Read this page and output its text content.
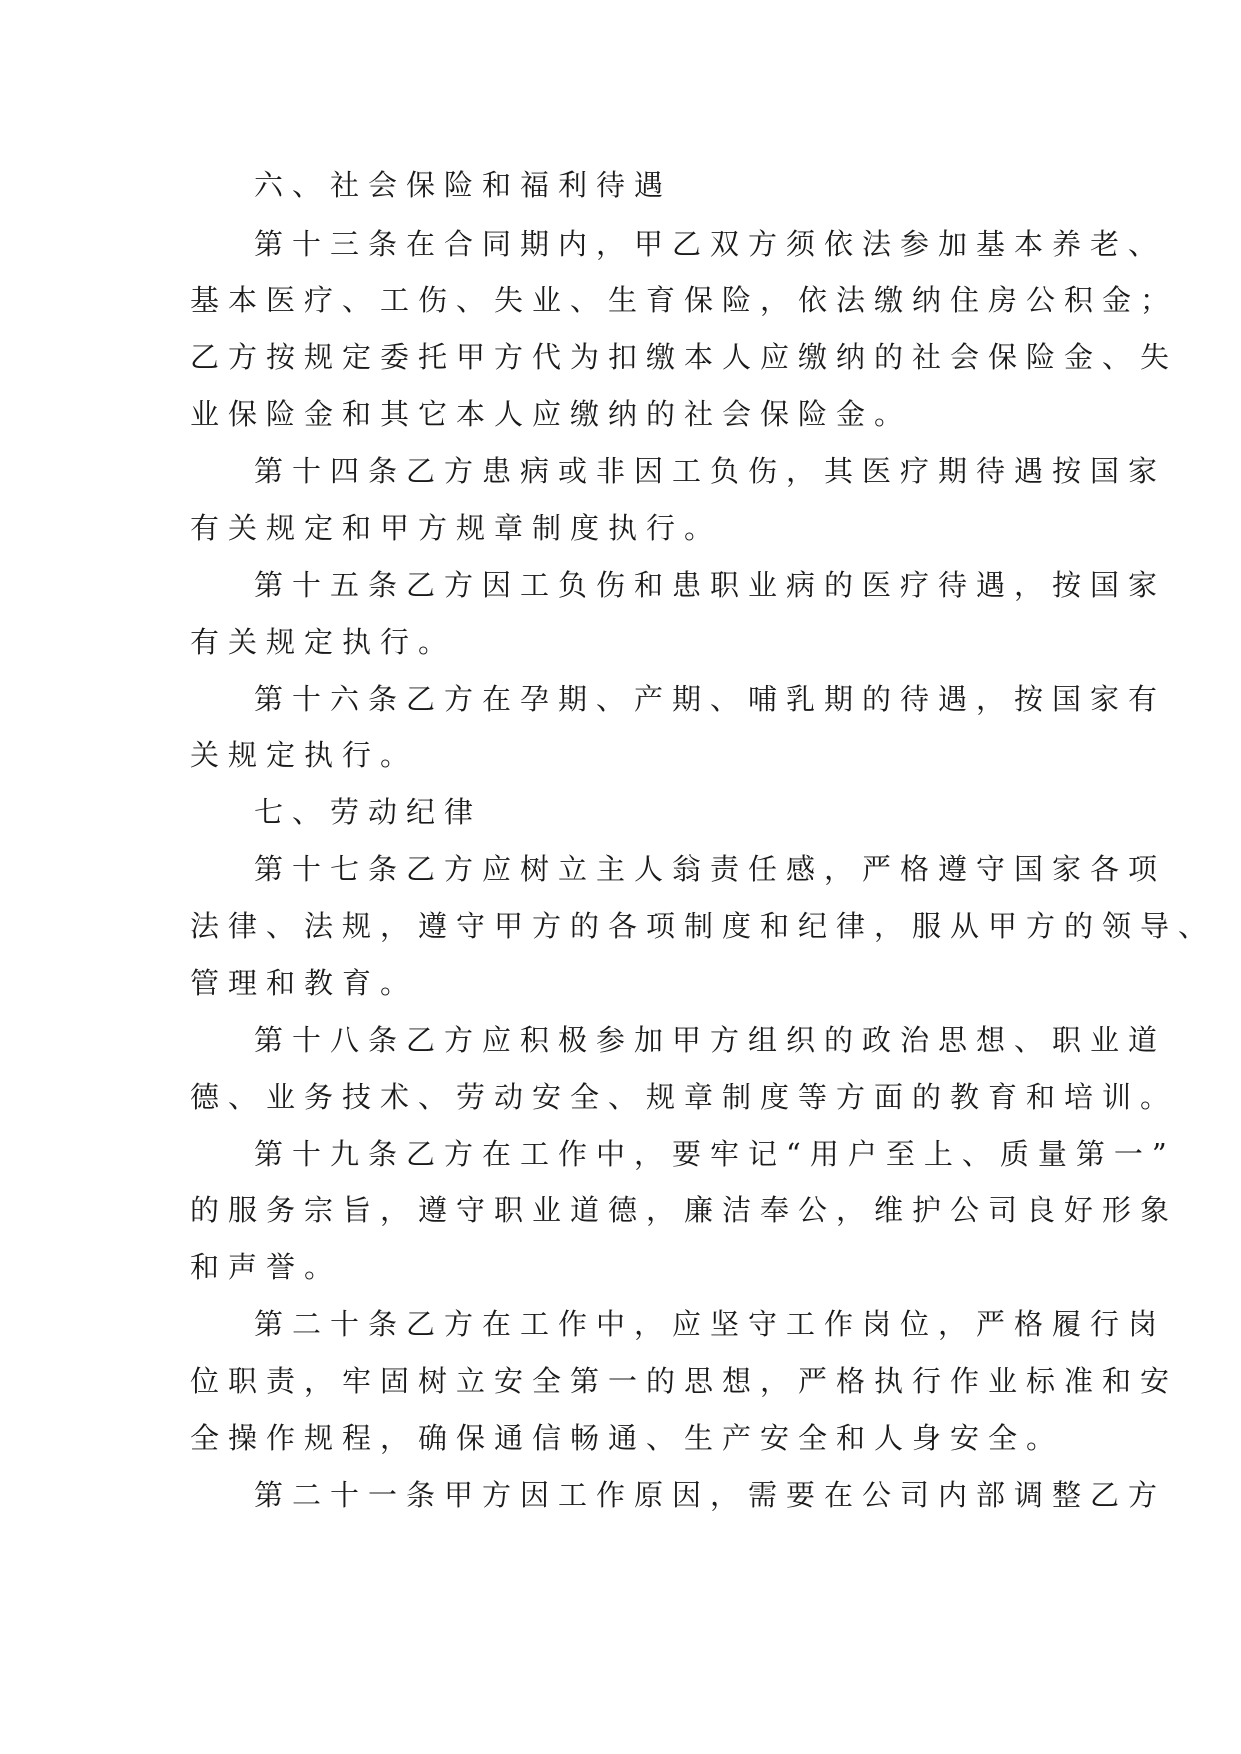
六、社会保险和福利待遇

第十三条在合同期内，甲乙双方须依法参加基本养老、

基本医疗、工伤、失业、生育保险，依法缴纳住房公积金；

乙方按规定委托甲方代为扣缴本人应缴纳的社会保险金、失

业保险金和其它本人应缴纳的社会保险金。

第十四条乙方患病或非因工负伤，其医疗期待遇按国家

有关规定和甲方规章制度执行。

第十五条乙方因工负伤和患职业病的医疗待遇，按国家

有关规定执行。

第十六条乙方在孕期、产期、哺乳期的待遇，按国家有

关规定执行。

七、劳动纪律

第十七条乙方应树立主人翁责任感，严格遵守国家各项

法律、法规，遵守甲方的各项制度和纪律，服从甲方的领导、

管理和教育。

第十八条乙方应积极参加甲方组织的政治思想、职业道

德、业务技术、劳动安全、规章制度等方面的教育和培训。

第十九条乙方在工作中，要牢记“用户至上、质量第一”

的服务宗旨，遵守职业道德，廉洁奉公，维护公司良好形象

和声誉。

第二十条乙方在工作中，应坚守工作岗位，严格履行岗

位职责，牢固树立安全第一的思想，严格执行作业标准和安

全操作规程，确保通信畅通、生产安全和人身安全。

第二十一条甲方因工作原因，需要在公司内部调整乙方
